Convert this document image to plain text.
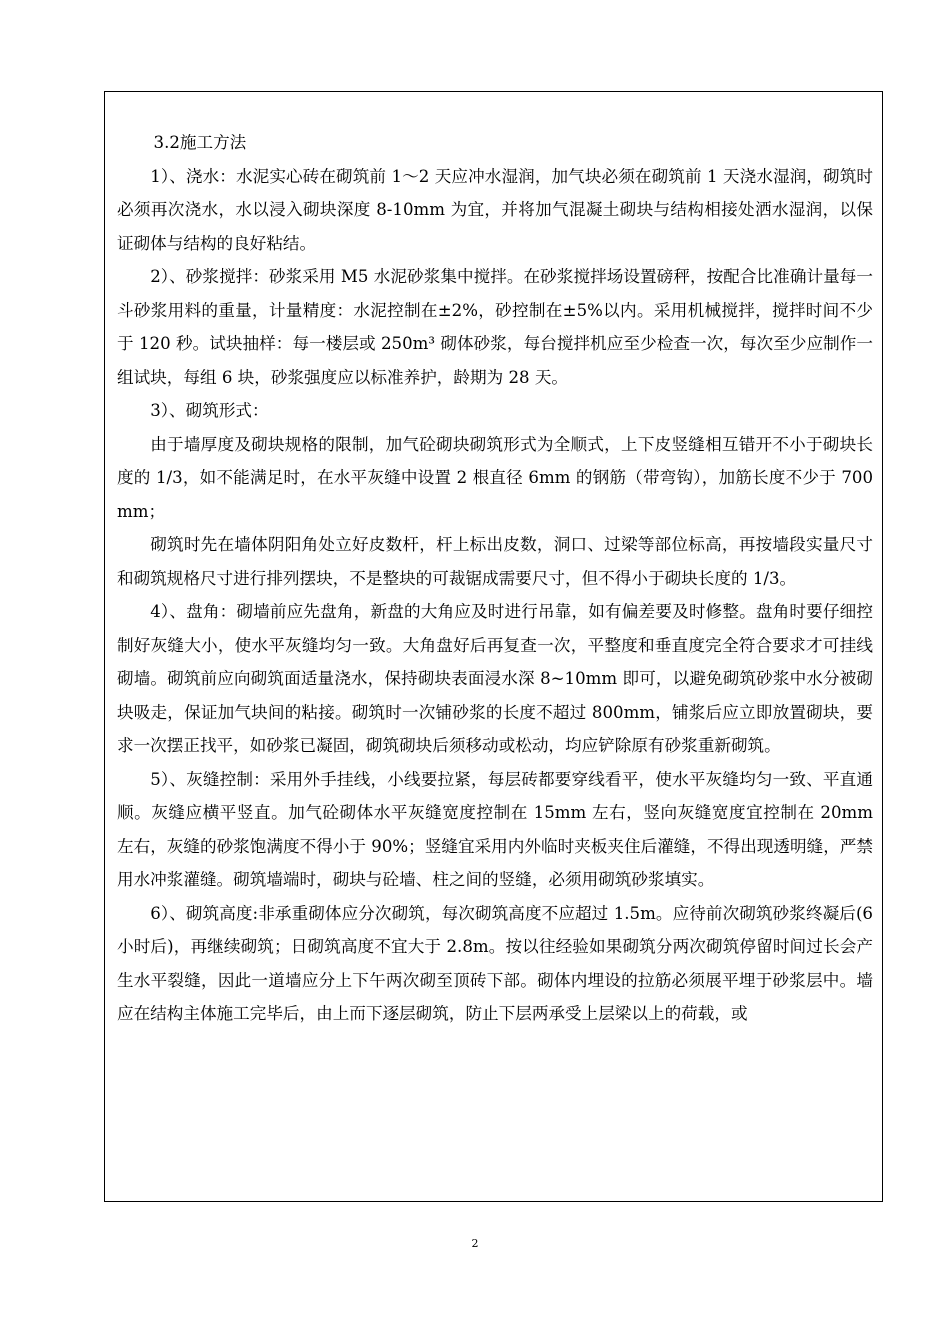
3.2施工方法

1）、浇水：水泥实心砖在砌筑前 1～2 天应冲水湿润，加气块必须在砌筑前 1 天浇水湿润，砌筑时必须再次浇水，水以浸入砌块深度 8-10mm 为宜，并将加气混凝土砌块与结构相接处洒水湿润，以保证砌体与结构的良好粘结。

2）、砂浆搅拌：砂浆采用 M5 水泥砂浆集中搅拌。在砂浆搅拌场设置磅秤，按配合比准确计量每一斗砂浆用料的重量，计量精度：水泥控制在±2%，砂控制在±5%以内。采用机械搅拌，搅拌时间不少于 120 秒。试块抽样：每一楼层或 250m³ 砌体砂浆，每台搅拌机应至少检查一次，每次至少应制作一组试块，每组 6 块，砂浆强度应以标准养护，龄期为 28 天。

3）、砌筑形式：

由于墙厚度及砌块规格的限制，加气砼砌块砌筑形式为全顺式，上下皮竖缝相互错开不小于砌块长度的 1/3，如不能满足时，在水平灰缝中设置 2 根直径 6mm 的钢筋（带弯钩），加筋长度不少于 700mm；

砌筑时先在墙体阴阳角处立好皮数杆，杆上标出皮数，洞口、过梁等部位标高，再按墙段实量尺寸和砌筑规格尺寸进行排列摆块，不是整块的可裁锯成需要尺寸，但不得小于砌块长度的 1/3。

4）、盘角：砌墙前应先盘角，新盘的大角应及时进行吊靠，如有偏差要及时修整。盘角时要仔细控制好灰缝大小，使水平灰缝均匀一致。大角盘好后再复查一次，平整度和垂直度完全符合要求才可挂线砌墙。砌筑前应向砌筑面适量浇水，保持砌块表面浸水深 8~10mm 即可，以避免砌筑砂浆中水分被砌块吸走，保证加气块间的粘接。砌筑时一次铺砂浆的长度不超过 800mm，铺浆后应立即放置砌块，要求一次摆正找平，如砂浆已凝固，砌筑砌块后须移动或松动，均应铲除原有砂浆重新砌筑。

5）、灰缝控制：采用外手挂线，小线要拉紧，每层砖都要穿线看平，使水平灰缝均匀一致、平直通顺。灰缝应横平竖直。加气砼砌体水平灰缝宽度控制在 15mm 左右，竖向灰缝宽度宜控制在 20mm 左右，灰缝的砂浆饱满度不得小于 90%；竖缝宜采用内外临时夹板夹住后灌缝，不得出现透明缝，严禁用水冲浆灌缝。砌筑墙端时，砌块与砼墙、柱之间的竖缝，必须用砌筑砂浆填实。

6）、砌筑高度:非承重砌体应分次砌筑，每次砌筑高度不应超过 1.5m。应待前次砌筑砂浆终凝后(6 小时后)，再继续砌筑；日砌筑高度不宜大于 2.8m。按以往经验如果砌筑分两次砌筑停留时间过长会产生水平裂缝，因此一道墙应分上下午两次砌至顶砖下部。砌体内埋设的拉筋必须展平埋于砂浆层中。墙应在结构主体施工完毕后，由上而下逐层砌筑，防止下层两承受上层梁以上的荷载，或

2
